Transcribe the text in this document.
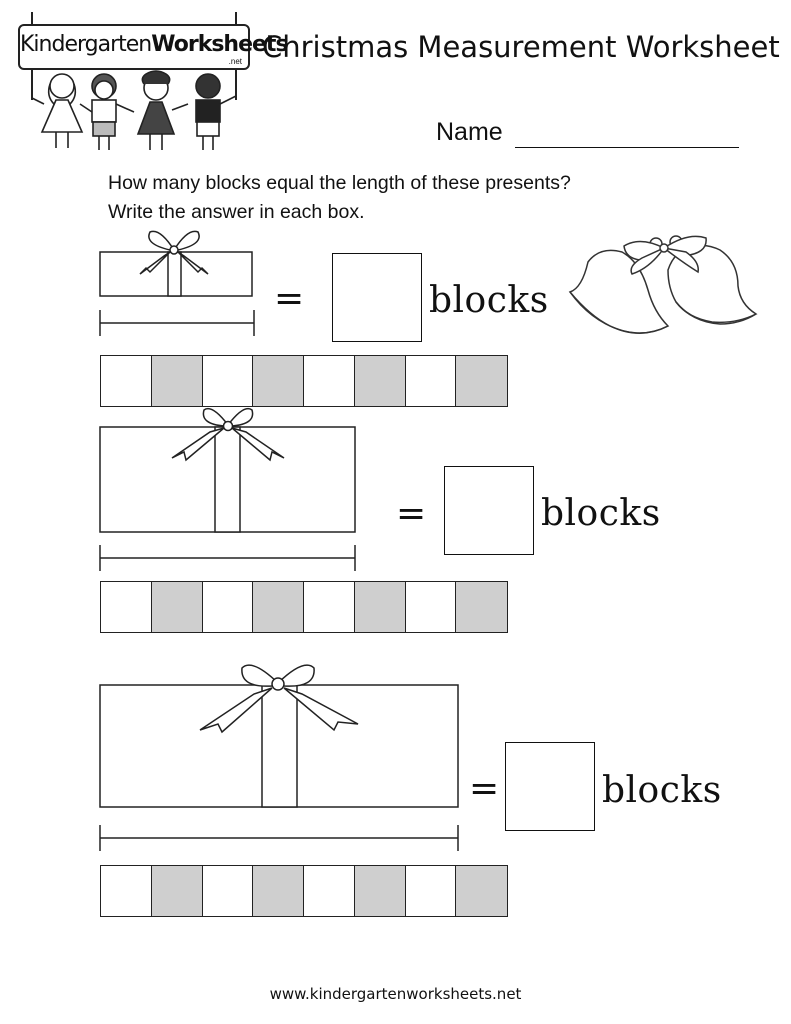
KindergartenWorksheets
.net Christmas Measurement Worksheet
Name
How many blocks equal the length of these presents?
Write the answer in each box.
=	blocks
=	blocks
=	blocks
www.kindergartenworksheets.net
